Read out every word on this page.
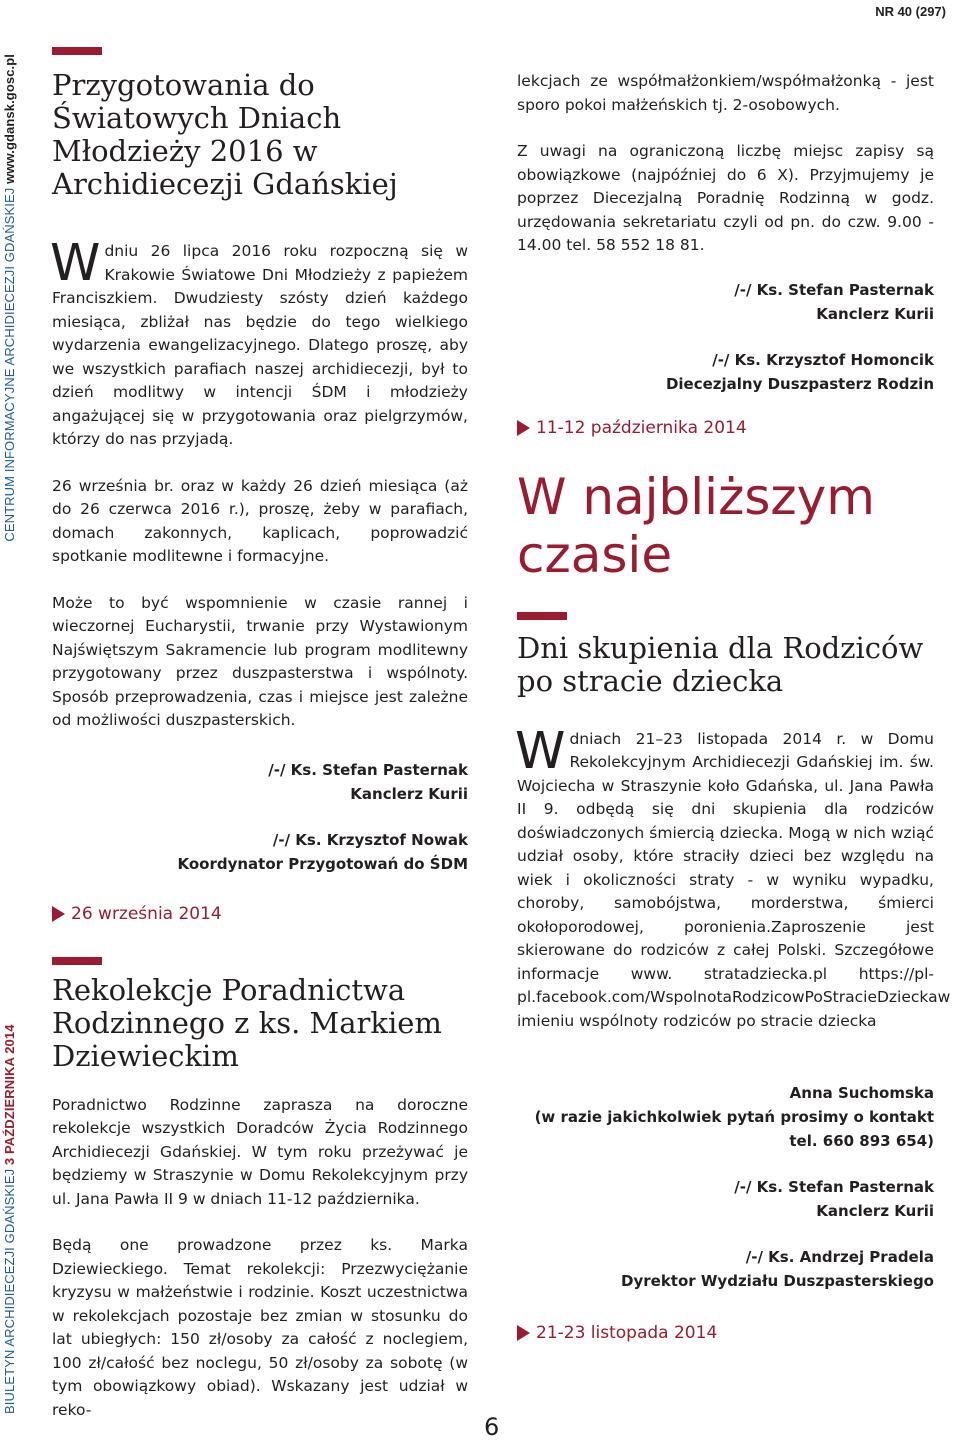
NR 40 (297)
BIULETYN ARCHIDIECEZJI GDAŃSKIEJ 3 PAŹDZIERNIKA 2014
CENTRUM INFORMACYJNE ARCHIDIECEZJI GDAŃSKIEJ www.gdansk.gosc.pl Przygotowania do Światowych Dniach Młodzieży 2016 w Archidiecezji Gdańskiej

Wdniu 26 lipca 2016 roku rozpoczną się w Krakowie Światowe Dni Młodzieży z papieżem Franciszkiem. Dwudziesty szósty dzień każdego miesiąca, zbliżał nas będzie do tego wielkiego wydarzenia ewangelizacyjnego. Dlatego proszę, aby we wszystkich parafiach naszej archidiecezji, był to dzień modlitwy w intencji ŚDM i młodzieży angażującej się w przygotowania oraz pielgrzymów, którzy do nas przyjadą.

26 września br. oraz w każdy 26 dzień miesiąca (aż do 26 czerwca 2016 r.), proszę, żeby w parafiach, domach zakonnych, kaplicach, poprowadzić spotkanie modlitewne i formacyjne.

Może to być wspomnienie w czasie rannej i wieczornej Eucharystii, trwanie przy Wystawionym Najświętszym Sakramencie lub program modlitewny przygotowany przez duszpasterstwa i wspólnoty. Sposób przeprowadzenia, czas i miejsce jest zależne od możliwości duszpasterskich.

/-/ Ks. Stefan Pasternak

Kanclerz Kurii

/-/ Ks. Krzysztof Nowak

Koordynator Przygotowań do ŚDM

26 września 2014
Rekolekcje Poradnictwa Rodzinnego z ks. Markiem Dziewieckim

Poradnictwo Rodzinne zaprasza na doroczne rekolekcje wszystkich Doradców Życia Rodzinnego Archidiecezji Gdańskiej. W tym roku przeżywać je będziemy w Straszynie w Domu Rekolekcyjnym przy ul. Jana Pawła II 9 w dniach 11-12 października.

Będą one prowadzone przez ks. Marka Dziewieckiego. Temat rekolekcji: Przezwyciężanie kryzysu w małżeństwie i rodzinie. Koszt uczestnictwa w rekolekcjach pozostaje bez zmian w stosunku do lat ubiegłych: 150 zł/osoby za całość z noclegiem, 100 zł/całość bez noclegu, 50 zł/osoby za sobotę (w tym obowiązkowy obiad). Wskazany jest udział w reko-

lekcjach ze współmałżonkiem/współmałżonką - jest sporo pokoi małżeńskich tj. 2-osobowych.

Z uwagi na ograniczoną liczbę miejsc zapisy są obowiązkowe (najpóźniej do 6 X). Przyjmujemy je poprzez Diecezjalną Poradnię Rodzinną w godz. urzędowania sekretariatu czyli od pn. do czw. 9.00 - 14.00 tel. 58 552 18 81.

/-/ Ks. Stefan Pasternak

Kanclerz Kurii

/-/ Ks. Krzysztof Homoncik

Diecezjalny Duszpasterz Rodzin

11-12 października 2014
W najbliższym czasie
Dni skupienia dla Rodziców po stracie dziecka

Wdniach 21–23 listopada 2014 r. w Domu Rekolekcyjnym Archidiecezji Gdańskiej im. św. Wojciecha w Straszynie koło Gdańska, ul. Jana Pawła II 9. odbędą się dni skupienia dla rodziców doświadczonych śmiercią dziecka. Mogą w nich wziąć udział osoby, które straciły dzieci bez względu na wiek i okoliczności straty - w wyniku wypadku, choroby, samobójstwa, morderstwa, śmierci okołoporodowej, poronienia.Zaproszenie jest skierowane do rodziców z całej Polski. Szczegółowe informacje www. stratadziecka.pl https://pl-pl.facebook.com/WspolnotaRodzicowPoStracieDzieckaw imieniu wspólnoty rodziców po stracie dziecka

Anna Suchomska

(w razie jakichkolwiek pytań prosimy o kontakt

tel. 660 893 654)

/-/ Ks. Stefan Pasternak

Kanclerz Kurii

/-/ Ks. Andrzej Pradela

Dyrektor Wydziału Duszpasterskiego

21-23 listopada 2014
6
